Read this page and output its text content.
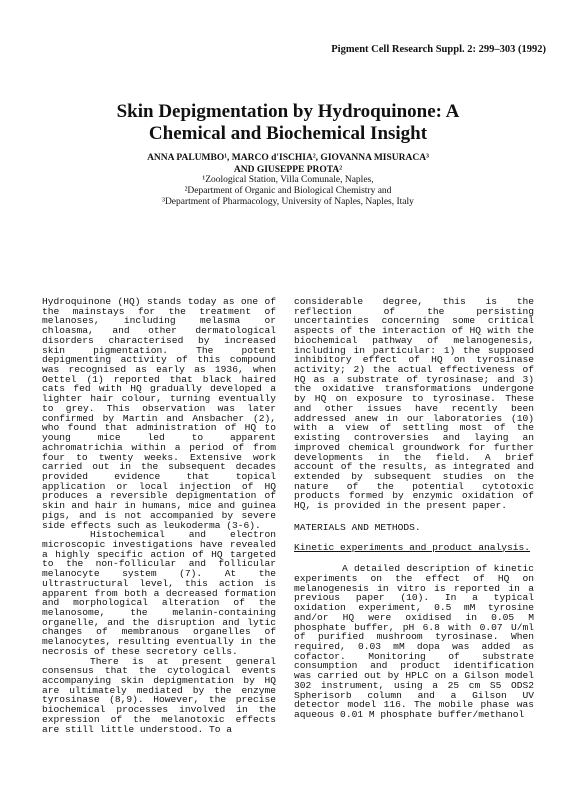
Pigment Cell Research Suppl. 2: 299–303 (1992)
Skin Depigmentation by Hydroquinone: A
Chemical and Biochemical Insight
ANNA PALUMBO¹, MARCO d'ISCHIA², GIOVANNA MISURACA³
AND GIUSEPPE PROTA²
¹Zoological Station, Villa Comunale, Naples,
²Department of Organic and Biological Chemistry and
³Department of Pharmacology, University of Naples, Naples, Italy

Hydroquinone (HQ) stands today as one of the mainstays for the treatment of melanoses, including melasma or chloasma, and other dermatological disorders characterised by increased skin pigmentation. The potent depigmenting activity of this compound was recognised as early as 1936, when Oettel (1) reported that black haired cats fed with HQ gradually developed a lighter hair colour, turning eventually to grey. This observation was later confirmed by Martin and Ansbacher (2), who found that administration of HQ to young mice led to apparent achromatrichia within a period of from four to twenty weeks. Extensive work carried out in the subsequent decades provided evidence that topical application or local injection of HQ produces a reversible depigmentation of skin and hair in humans, mice and guinea pigs, and is not accompanied by severe side effects such as leukoderma (3-6).

Histochemical and electron microscopic investigations have revealed a highly specific action of HQ targeted to the non-follicular and follicular melanocyte system (7). At the ultrastructural level, this action is apparent from both a decreased formation and morphological alteration of the melanosome, the melanin-containing organelle, and the disruption and lytic changes of membranous organelles of melanocytes, resulting eventually in the necrosis of these secretory cells.

There is at present general consensus that the cytological events accompanying skin depigmentation by HQ are ultimately mediated by the enzyme tyrosinase (8,9). However, the precise biochemical processes involved in the expression of the melanotoxic effects are still little understood. To a

considerable degree, this is the reflection of the persisting uncertainties concerning some critical aspects of the interaction of HQ with the biochemical pathway of melanogenesis, including in particular: 1) the supposed inhibitory effect of HQ on tyrosinase activity; 2) the actual effectiveness of HQ as a substrate of tyrosinase; and 3) the oxidative transformations undergone by HQ on exposure to tyrosinase. These and other issues have recently been addressed anew in our laboratories (10) with a view of settling most of the existing controversies and laying an improved chemical groundwork for further developments in the field. A brief account of the results, as integrated and extended by subsequent studies on the nature of the potential cytotoxic products formed by enzymic oxidation of HQ, is provided in the present paper.

MATERIALS AND METHODS.

Kinetic experiments and product analysis.

A detailed description of kinetic experiments on the effect of HQ on melanogenesis in vitro is reported in a previous paper (10). In a typical oxidation experiment, 0.5 mM tyrosine and/or HQ were oxidised in 0.05 M phosphate buffer, pH 6.8 with 0.07 U/ml of purified mushroom tyrosinase. When required, 0.03 mM dopa was added as cofactor. Monitoring of substrate consumption and product identification was carried out by HPLC on a Gilson model 302 instrument, using a 25 cm S5 ODS2 Spherisorb column and a Gilson UV detector model 116. The mobile phase was aqueous 0.01 M phosphate buffer/methanol
